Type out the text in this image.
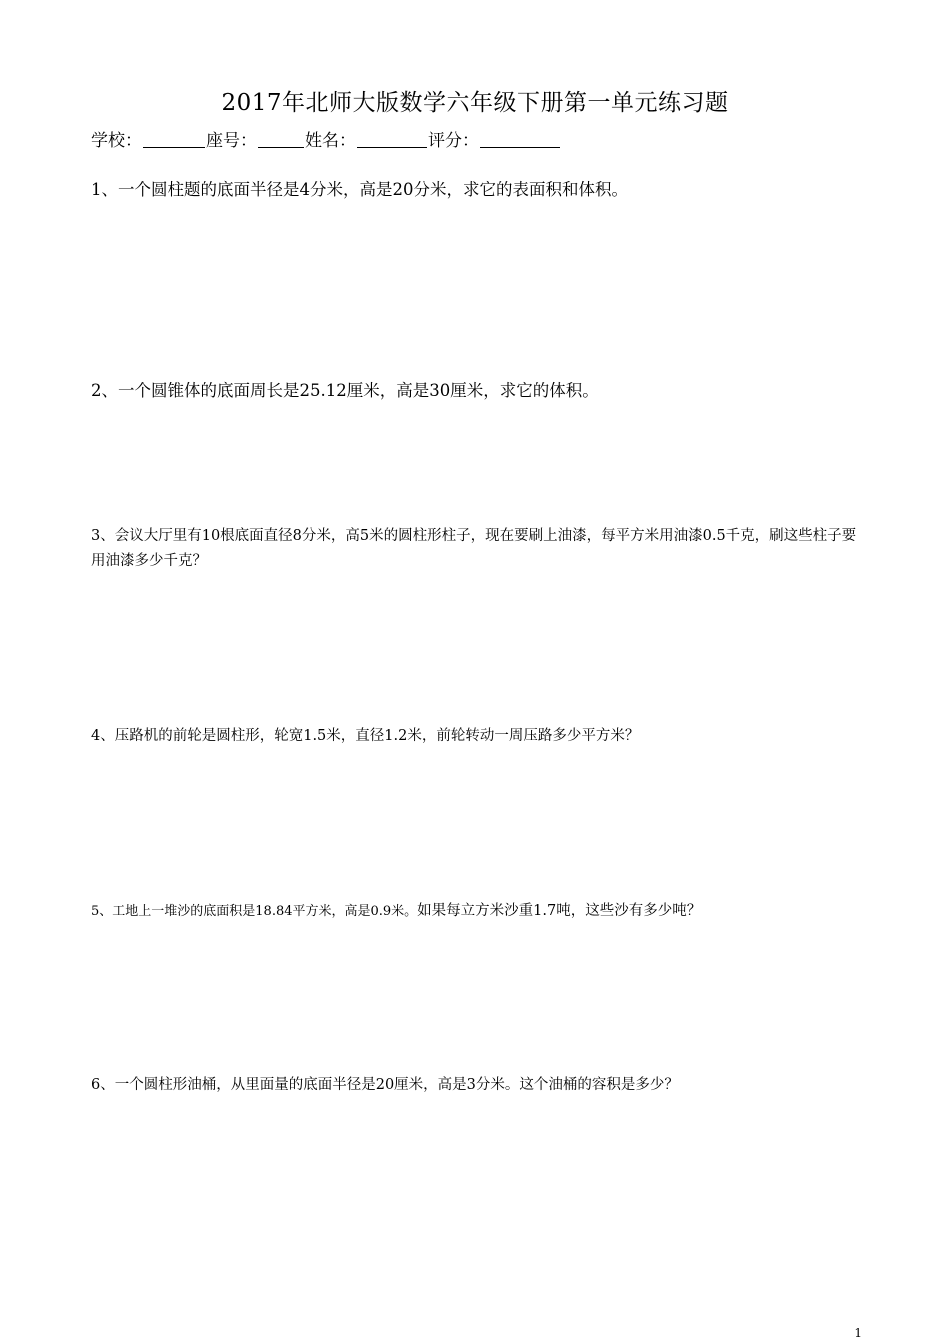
2017年北师大版数学六年级下册第一单元练习题
学校：	座号：	姓名：	评分：
1、一个圆柱题的底面半径是4分米，高是20分米，求它的表面积和体积。
2、一个圆锥体的底面周长是25.12厘米，高是30厘米，求它的体积。
3、会议大厅里有10根底面直径8分米，高5米的圆柱形柱子，现在要刷上油漆，每平方米用油漆0.5千克，刷这些柱子要用油漆多少千克？
4、压路机的前轮是圆柱形，轮宽1.5米，直径1.2米，前轮转动一周压路多少平方米？
5、工地上一堆沙的底面积是18.84平方米，高是0.9米。如果每立方米沙重1.7吨，这些沙有多少吨？
6、一个圆柱形油桶，从里面量的底面半径是20厘米，高是3分米。这个油桶的容积是多少？
1
